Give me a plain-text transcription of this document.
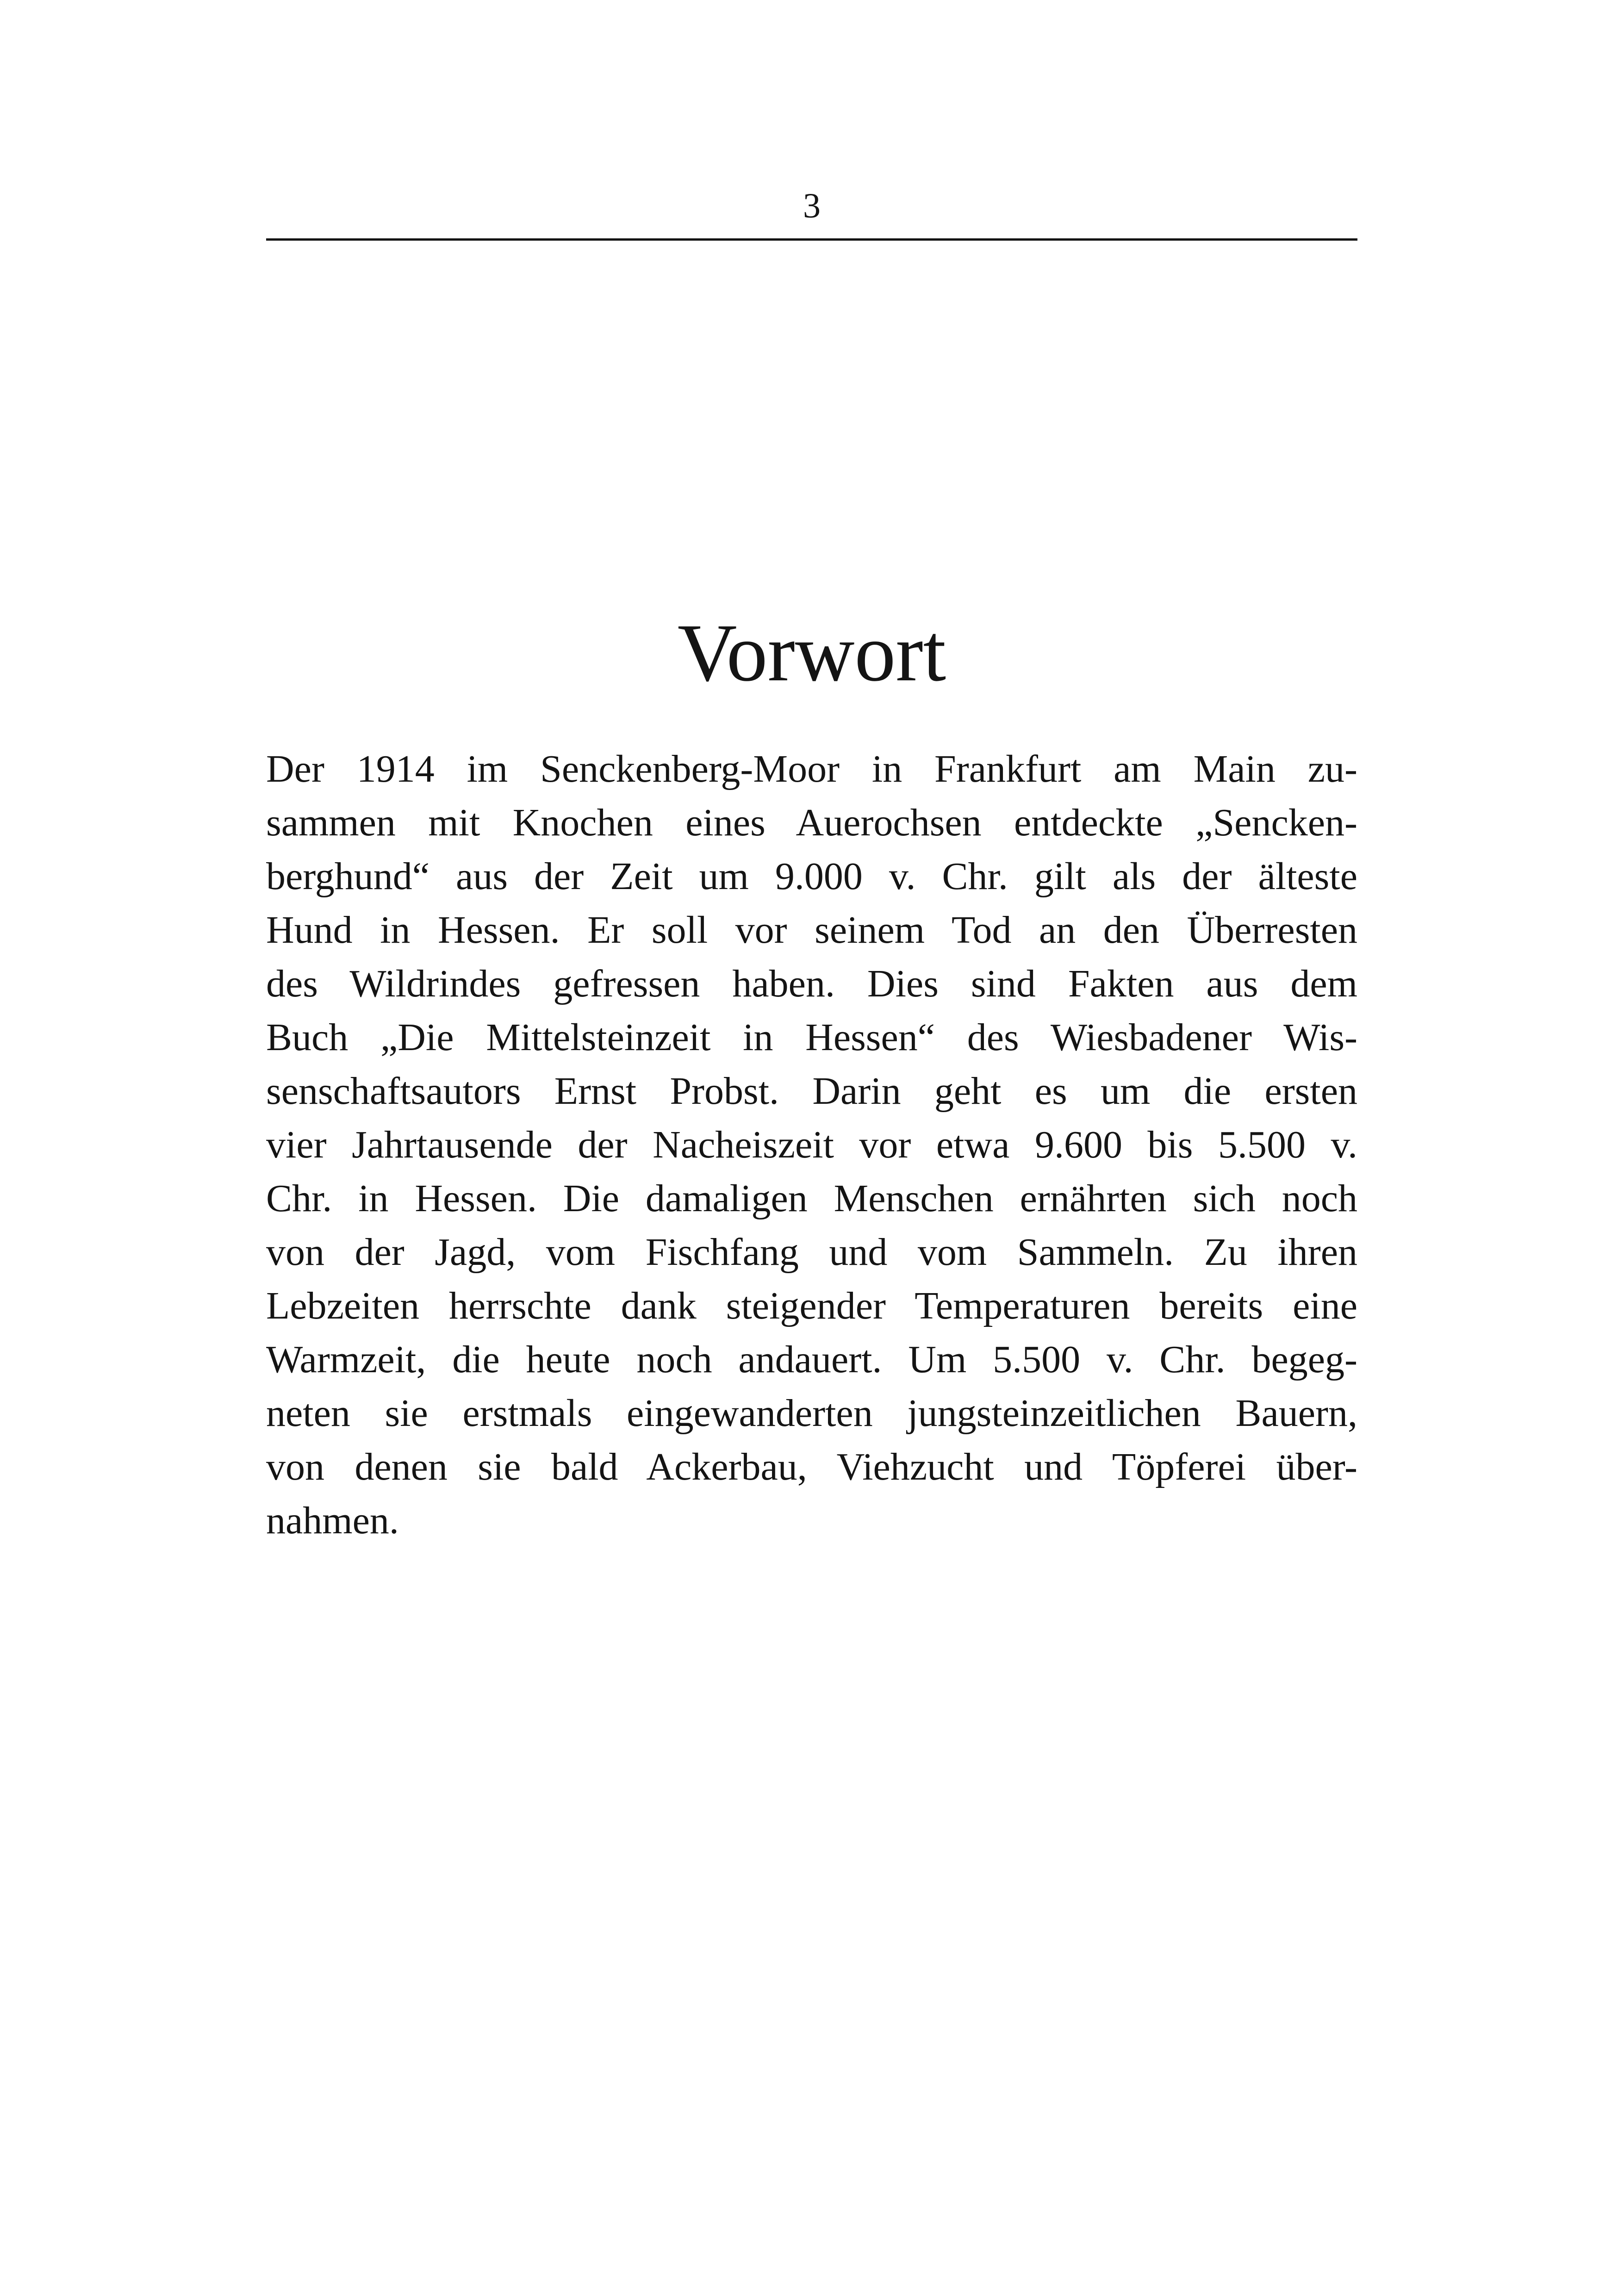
3
Vorwort
Der 1914 im Senckenberg-Moor in Frankfurt am Main zu-
sammen mit Knochen eines Auerochsen entdeckte „Sencken-
berghund“ aus der Zeit um 9.000 v. Chr. gilt als der älteste
Hund in Hessen. Er soll vor seinem Tod an den Überresten
des Wildrindes gefressen haben. Dies sind Fakten aus dem
Buch „Die Mittelsteinzeit in Hessen“ des Wiesbadener Wis-
senschaftsautors Ernst Probst. Darin geht es um die ersten
vier Jahrtausende der Nacheiszeit vor etwa 9.600 bis 5.500 v.
Chr. in Hessen. Die damaligen Menschen ernährten sich noch
von der Jagd, vom Fischfang und vom Sammeln. Zu ihren
Lebzeiten herrschte dank steigender Temperaturen bereits eine
Warmzeit, die heute noch andauert. Um 5.500 v. Chr. begeg-
neten sie erstmals eingewanderten jungsteinzeitlichen Bauern,
von denen sie bald Ackerbau, Viehzucht und Töpferei über-
nahmen.
